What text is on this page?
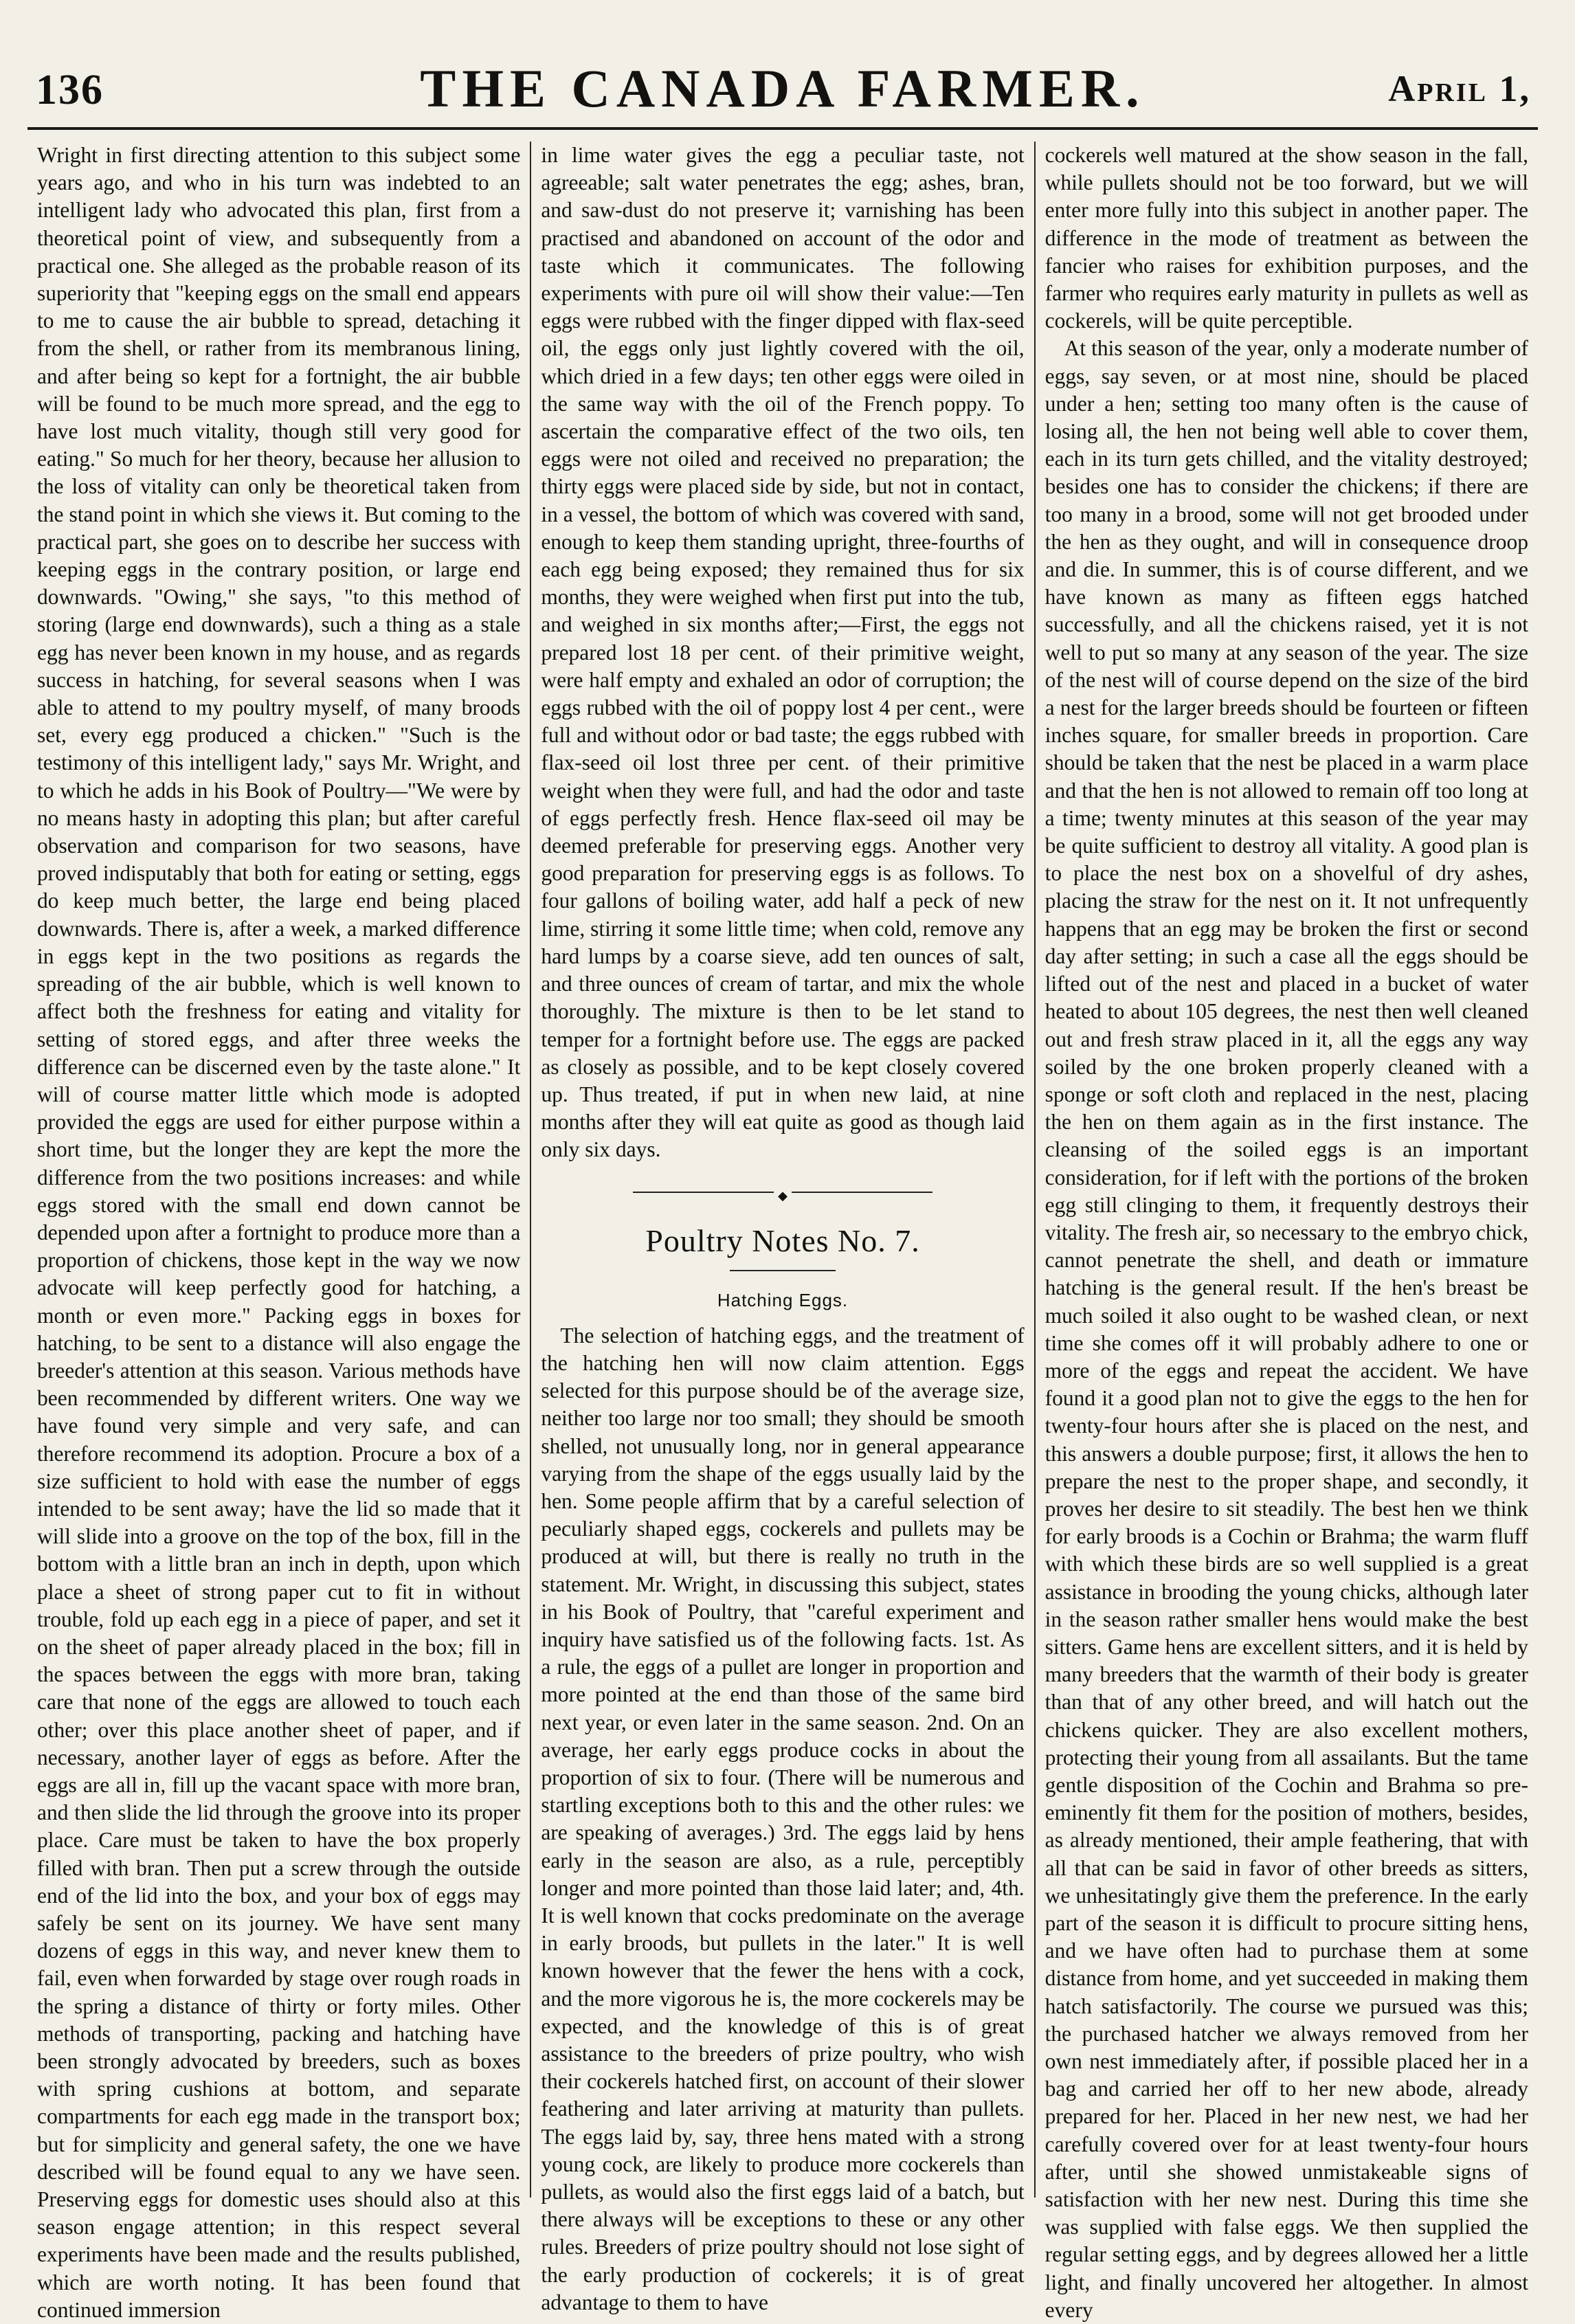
136	THE CANADA FARMER.	April 1,

Wright in first directing attention to this subject some years ago, and who in his turn was indebted to an intelligent lady who advocated this plan, first from a theoretical point of view, and subsequently from a practical one. She alleged as the probable reason of its superiority that "keeping eggs on the small end appears to me to cause the air bubble to spread, detaching it from the shell, or rather from its membranous lining, and after being so kept for a fortnight, the air bubble will be found to be much more spread, and the egg to have lost much vitality, though still very good for eating." So much for her theory, because her allusion to the loss of vitality can only be theoretical taken from the stand point in which she views it. But coming to the practical part, she goes on to describe her success with keeping eggs in the contrary position, or large end downwards. "Owing," she says, "to this method of storing (large end downwards), such a thing as a stale egg has never been known in my house, and as regards success in hatching, for several seasons when I was able to attend to my poultry myself, of many broods set, every egg produced a chicken." "Such is the testimony of this intelligent lady," says Mr. Wright, and to which he adds in his Book of Poultry—"We were by no means hasty in adopting this plan; but after careful observation and comparison for two seasons, have proved indisputably that both for eating or setting, eggs do keep much better, the large end being placed downwards. There is, after a week, a marked difference in eggs kept in the two positions as regards the spreading of the air bubble, which is well known to affect both the freshness for eating and vitality for setting of stored eggs, and after three weeks the difference can be discerned even by the taste alone." It will of course matter little which mode is adopted provided the eggs are used for either purpose within a short time, but the longer they are kept the more the difference from the two positions increases: and while eggs stored with the small end down cannot be depended upon after a fortnight to produce more than a proportion of chickens, those kept in the way we now advocate will keep perfectly good for hatching, a month or even more." Packing eggs in boxes for hatching, to be sent to a distance will also engage the breeder's attention at this season. Various methods have been recommended by different writers. One way we have found very simple and very safe, and can therefore recommend its adoption. Procure a box of a size sufficient to hold with ease the number of eggs intended to be sent away; have the lid so made that it will slide into a groove on the top of the box, fill in the bottom with a little bran an inch in depth, upon which place a sheet of strong paper cut to fit in without trouble, fold up each egg in a piece of paper, and set it on the sheet of paper already placed in the box; fill in the spaces between the eggs with more bran, taking care that none of the eggs are allowed to touch each other; over this place another sheet of paper, and if necessary, another layer of eggs as before. After the eggs are all in, fill up the vacant space with more bran, and then slide the lid through the groove into its proper place. Care must be taken to have the box properly filled with bran. Then put a screw through the outside end of the lid into the box, and your box of eggs may safely be sent on its journey. We have sent many dozens of eggs in this way, and never knew them to fail, even when forwarded by stage over rough roads in the spring a distance of thirty or forty miles. Other methods of transporting, packing and hatching have been strongly advocated by breeders, such as boxes with spring cushions at bottom, and separate compartments for each egg made in the transport box; but for simplicity and general safety, the one we have described will be found equal to any we have seen. Preserving eggs for domestic uses should also at this season engage attention; in this respect several experiments have been made and the results published, which are worth noting. It has been found that continued immersion

in lime water gives the egg a peculiar taste, not agreeable; salt water penetrates the egg; ashes, bran, and saw-dust do not preserve it; varnishing has been practised and abandoned on account of the odor and taste which it communicates. The following experiments with pure oil will show their value:—Ten eggs were rubbed with the finger dipped with flax-seed oil, the eggs only just lightly covered with the oil, which dried in a few days; ten other eggs were oiled in the same way with the oil of the French poppy. To ascertain the comparative effect of the two oils, ten eggs were not oiled and received no preparation; the thirty eggs were placed side by side, but not in contact, in a vessel, the bottom of which was covered with sand, enough to keep them standing upright, three-fourths of each egg being exposed; they remained thus for six months, they were weighed when first put into the tub, and weighed in six months after;—First, the eggs not prepared lost 18 per cent. of their primitive weight, were half empty and exhaled an odor of corruption; the eggs rubbed with the oil of poppy lost 4 per cent., were full and without odor or bad taste; the eggs rubbed with flax-seed oil lost three per cent. of their primitive weight when they were full, and had the odor and taste of eggs perfectly fresh. Hence flax-seed oil may be deemed preferable for preserving eggs. Another very good preparation for preserving eggs is as follows. To four gallons of boiling water, add half a peck of new lime, stirring it some little time; when cold, remove any hard lumps by a coarse sieve, add ten ounces of salt, and three ounces of cream of tartar, and mix the whole thoroughly. The mixture is then to be let stand to temper for a fortnight before use. The eggs are packed as closely as possible, and to be kept closely covered up. Thus treated, if put in when new laid, at nine months after they will eat quite as good as though laid only six days.

◆
Poultry Notes No. 7.
Hatching Eggs.

The selection of hatching eggs, and the treatment of the hatching hen will now claim attention. Eggs selected for this purpose should be of the average size, neither too large nor too small; they should be smooth shelled, not unusually long, nor in general appearance varying from the shape of the eggs usually laid by the hen. Some people affirm that by a careful selection of peculiarly shaped eggs, cockerels and pullets may be produced at will, but there is really no truth in the statement. Mr. Wright, in discussing this subject, states in his Book of Poultry, that "careful experiment and inquiry have satisfied us of the following facts. 1st. As a rule, the eggs of a pullet are longer in proportion and more pointed at the end than those of the same bird next year, or even later in the same season. 2nd. On an average, her early eggs produce cocks in about the proportion of six to four. (There will be numerous and startling exceptions both to this and the other rules: we are speaking of averages.) 3rd. The eggs laid by hens early in the season are also, as a rule, perceptibly longer and more pointed than those laid later; and, 4th. It is well known that cocks predominate on the average in early broods, but pullets in the later." It is well known however that the fewer the hens with a cock, and the more vigorous he is, the more cockerels may be expected, and the knowledge of this is of great assistance to the breeders of prize poultry, who wish their cockerels hatched first, on account of their slower feathering and later arriving at maturity than pullets. The eggs laid by, say, three hens mated with a strong young cock, are likely to produce more cockerels than pullets, as would also the first eggs laid of a batch, but there always will be exceptions to these or any other rules. Breeders of prize poultry should not lose sight of the early production of cockerels; it is of great advantage to them to have

cockerels well matured at the show season in the fall, while pullets should not be too forward, but we will enter more fully into this subject in another paper. The difference in the mode of treatment as between the fancier who raises for exhibition purposes, and the farmer who requires early maturity in pullets as well as cockerels, will be quite perceptible.

At this season of the year, only a moderate number of eggs, say seven, or at most nine, should be placed under a hen; setting too many often is the cause of losing all, the hen not being well able to cover them, each in its turn gets chilled, and the vitality destroyed; besides one has to consider the chickens; if there are too many in a brood, some will not get brooded under the hen as they ought, and will in consequence droop and die. In summer, this is of course different, and we have known as many as fifteen eggs hatched successfully, and all the chickens raised, yet it is not well to put so many at any season of the year. The size of the nest will of course depend on the size of the bird a nest for the larger breeds should be fourteen or fifteen inches square, for smaller breeds in proportion. Care should be taken that the nest be placed in a warm place and that the hen is not allowed to remain off too long at a time; twenty minutes at this season of the year may be quite sufficient to destroy all vitality. A good plan is to place the nest box on a shovelful of dry ashes, placing the straw for the nest on it. It not unfrequently happens that an egg may be broken the first or second day after setting; in such a case all the eggs should be lifted out of the nest and placed in a bucket of water heated to about 105 degrees, the nest then well cleaned out and fresh straw placed in it, all the eggs any way soiled by the one broken properly cleaned with a sponge or soft cloth and replaced in the nest, placing the hen on them again as in the first instance. The cleansing of the soiled eggs is an important consideration, for if left with the portions of the broken egg still clinging to them, it frequently destroys their vitality. The fresh air, so necessary to the embryo chick, cannot penetrate the shell, and death or immature hatching is the general result. If the hen's breast be much soiled it also ought to be washed clean, or next time she comes off it will probably adhere to one or more of the eggs and repeat the accident. We have found it a good plan not to give the eggs to the hen for twenty-four hours after she is placed on the nest, and this answers a double purpose; first, it allows the hen to prepare the nest to the proper shape, and secondly, it proves her desire to sit steadily. The best hen we think for early broods is a Cochin or Brahma; the warm fluff with which these birds are so well supplied is a great assistance in brooding the young chicks, although later in the season rather smaller hens would make the best sitters. Game hens are excellent sitters, and it is held by many breeders that the warmth of their body is greater than that of any other breed, and will hatch out the chickens quicker. They are also excellent mothers, protecting their young from all assailants. But the tame gentle disposition of the Cochin and Brahma so pre-eminently fit them for the position of mothers, besides, as already mentioned, their ample feathering, that with all that can be said in favor of other breeds as sitters, we unhesitatingly give them the preference. In the early part of the season it is difficult to procure sitting hens, and we have often had to purchase them at some distance from home, and yet succeeded in making them hatch satisfactorily. The course we pursued was this; the purchased hatcher we always removed from her own nest immediately after, if possible placed her in a bag and carried her off to her new abode, already prepared for her. Placed in her new nest, we had her carefully covered over for at least twenty-four hours after, until she showed unmistakeable signs of satisfaction with her new nest. During this time she was supplied with false eggs. We then supplied the regular setting eggs, and by degrees allowed her a little light, and finally uncovered her altogether. In almost every
